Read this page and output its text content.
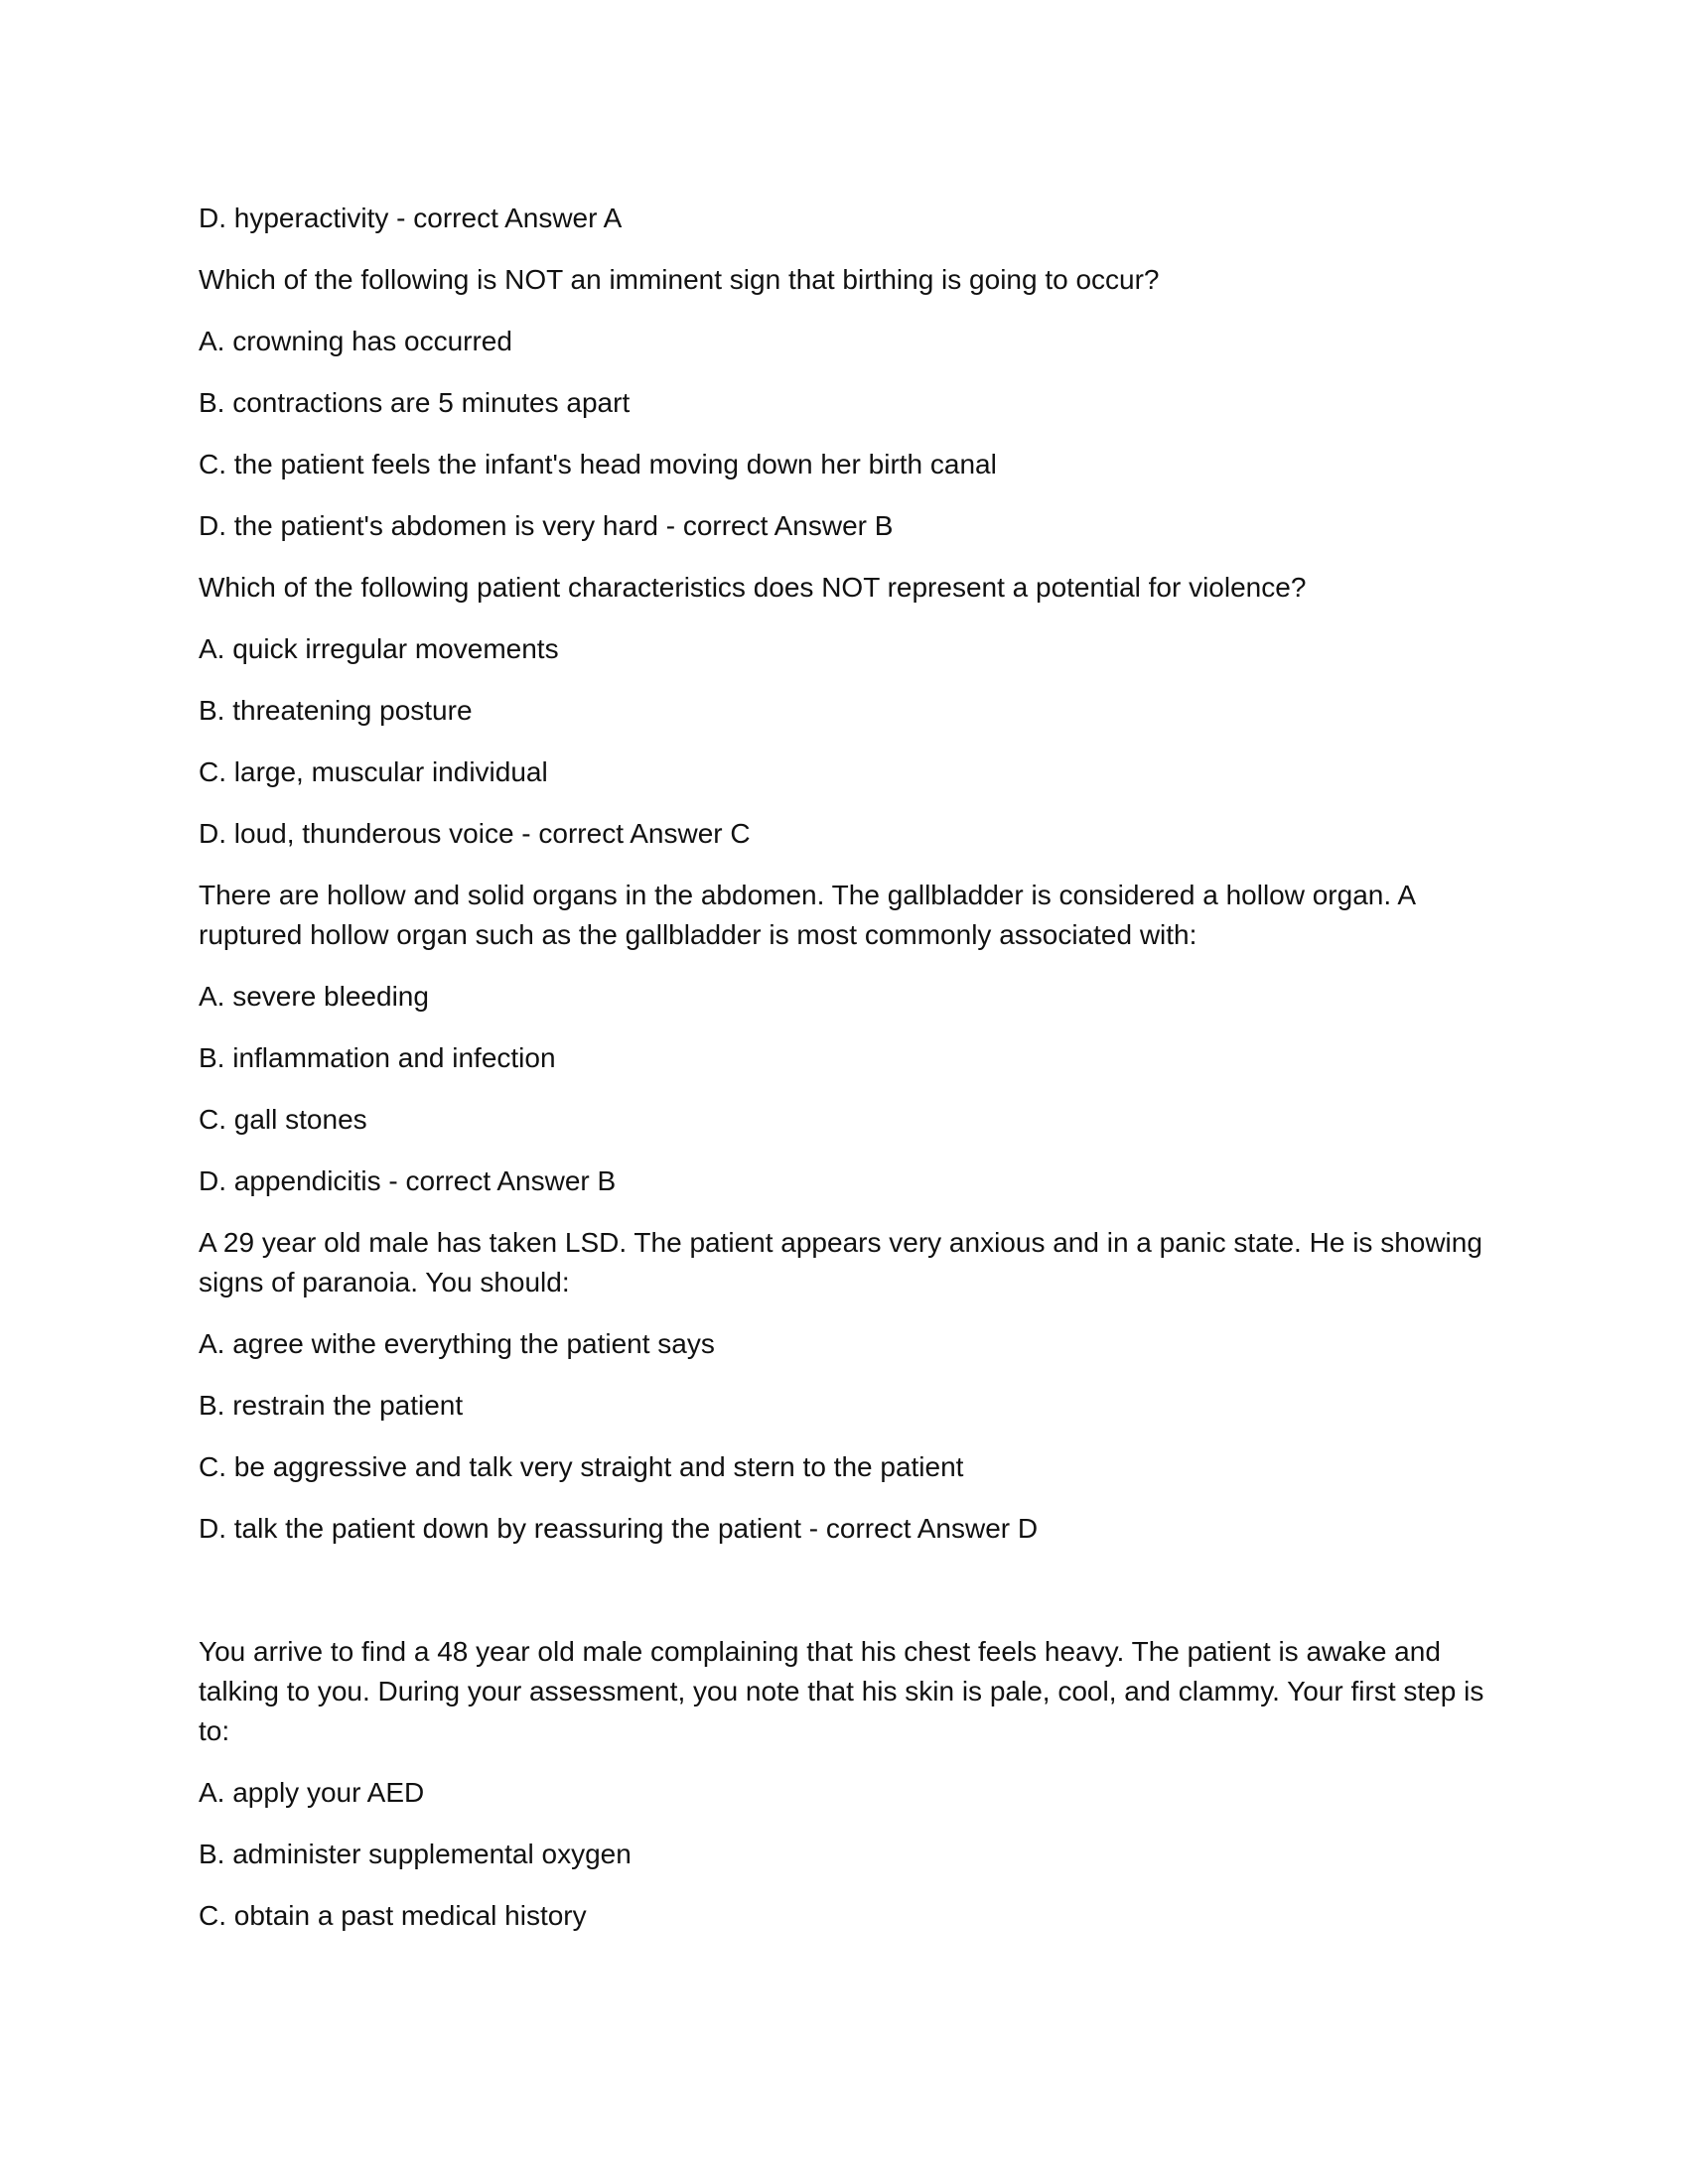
D. hyperactivity - correct Answer A
Which of the following is NOT an imminent sign that birthing is going to occur?
A. crowning has occurred
B. contractions are 5 minutes apart
C. the patient feels the infant's head moving down her birth canal
D. the patient's abdomen is very hard - correct Answer B
Which of the following patient characteristics does NOT represent a potential for violence?
A. quick irregular movements
B. threatening posture
C. large, muscular individual
D. loud, thunderous voice - correct Answer C
There are hollow and solid organs in the abdomen. The gallbladder is considered a hollow organ. A ruptured hollow organ such as the gallbladder is most commonly associated with:
A. severe bleeding
B. inflammation and infection
C. gall stones
D. appendicitis - correct Answer B
A 29 year old male has taken LSD. The patient appears very anxious and in a panic state. He is showing signs of paranoia. You should:
A. agree withe everything the patient says
B. restrain the patient
C. be aggressive and talk very straight and stern to the patient
D. talk the patient down by reassuring the patient - correct Answer D
You arrive to find a 48 year old male complaining that his chest feels heavy. The patient is awake and talking to you. During your assessment, you note that his skin is pale, cool, and clammy. Your first step is to:
A. apply your AED
B. administer supplemental oxygen
C. obtain a past medical history
